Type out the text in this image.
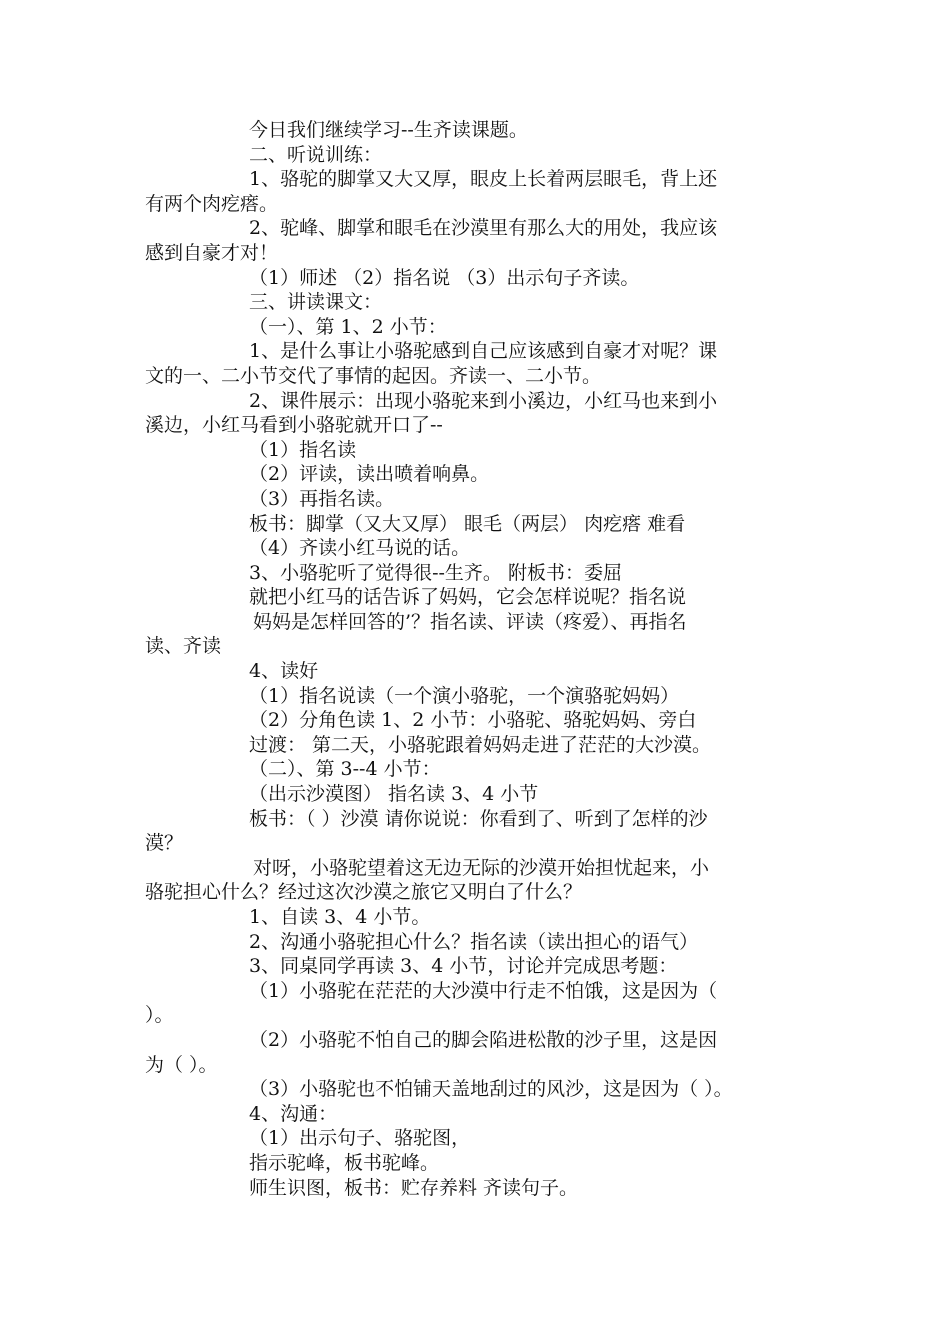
今日我们继续学习--生齐读课题。
二、听说训练：
1、骆驼的脚掌又大又厚，眼皮上长着两层眼毛，背上还
有两个肉疙瘩。
2、驼峰、脚掌和眼毛在沙漠里有那么大的用处，我应该
感到自豪才对！
（1）师述 （2）指名说 （3）出示句子齐读。
三、讲读课文：
（一）、第 1、2 小节：
1、是什么事让小骆驼感到自己应该感到自豪才对呢？课
文的一、二小节交代了事情的起因。齐读一、二小节。
2、课件展示：出现小骆驼来到小溪边，小红马也来到小
溪边，小红马看到小骆驼就开口了--
（1）指名读
（2）评读，读出喷着响鼻。
（3）再指名读。
板书：脚掌（又大又厚） 眼毛（两层） 肉疙瘩 难看
（4）齐读小红马说的话。
3、小骆驼听了觉得很--生齐。 附板书：委屈
就把小红马的话告诉了妈妈，它会怎样说呢？指名说
妈妈是怎样回答的’？指名读、评读（疼爱）、再指名
读、齐读
4、读好
（1）指名说读（一个演小骆驼，一个演骆驼妈妈）
（2）分角色读 1、2 小节：小骆驼、骆驼妈妈、旁白
过渡： 第二天，小骆驼跟着妈妈走进了茫茫的大沙漠。
（二）、第 3--4 小节：
（出示沙漠图） 指名读 3、4 小节
板书：（ ）沙漠 请你说说：你看到了、听到了怎样的沙
漠？
对呀，小骆驼望着这无边无际的沙漠开始担忧起来，小
骆驼担心什么？经过这次沙漠之旅它又明白了什么？
1、自读 3、4 小节。
2、沟通小骆驼担心什么？指名读（读出担心的语气）
3、同桌同学再读 3、4 小节，讨论并完成思考题：
（1）小骆驼在茫茫的大沙漠中行走不怕饿，这是因为（
）。
（2）小骆驼不怕自己的脚会陷进松散的沙子里，这是因
为（ ）。
（3）小骆驼也不怕铺天盖地刮过的风沙，这是因为（ ）。
4、沟通：
（1）出示句子、骆驼图，
指示驼峰，板书驼峰。
师生识图，板书：贮存养料 齐读句子。
